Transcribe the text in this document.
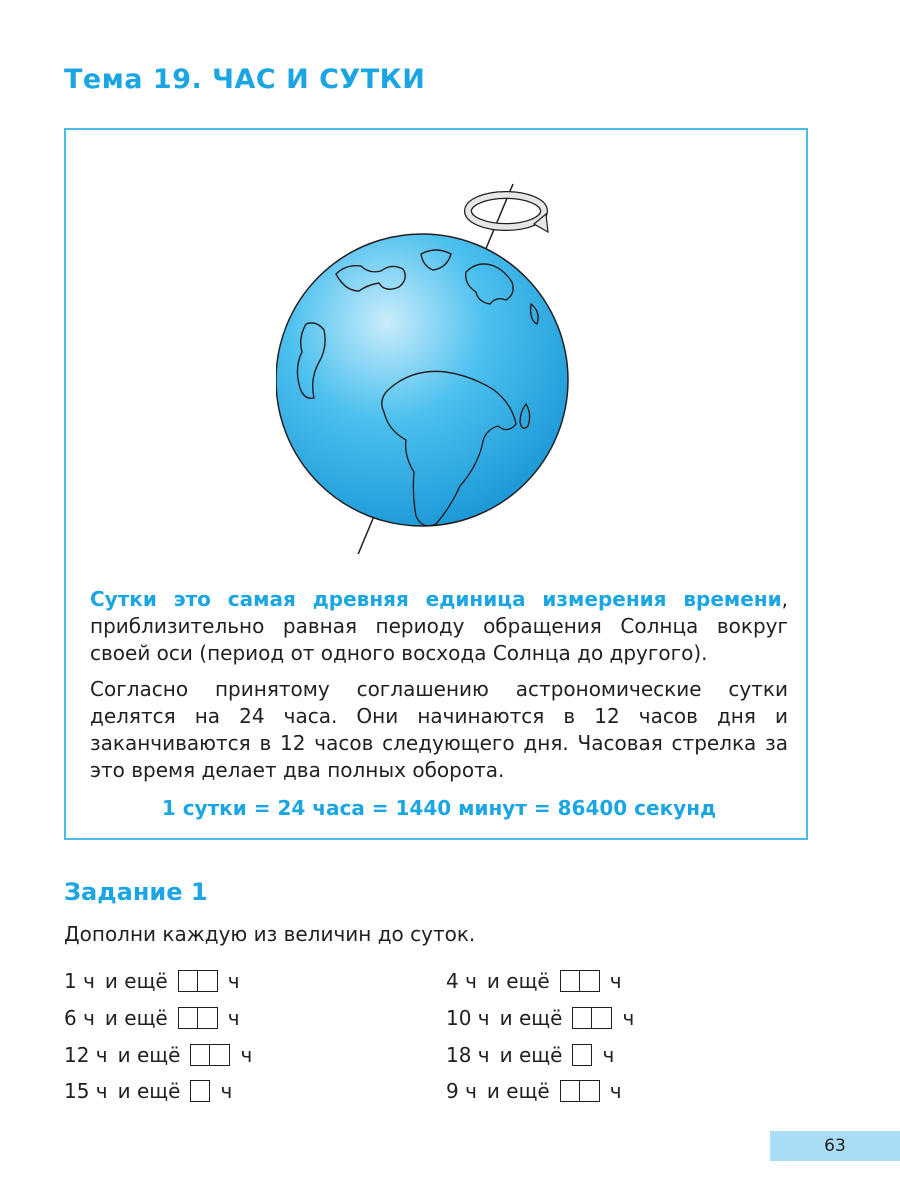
Тема 19. ЧАС И СУТКИ

Сутки это самая древняя единица измерения времени, приблизительно равная периоду обращения Солнца вокруг своей оси (период от одного восхода Солнца до другого).

Согласно принятому соглашению астрономические сутки делятся на 24 часа. Они начинаются в 12 часов дня и заканчиваются в 12 часов следующего дня. Часовая стрелка за это время делает два полных оборота.

1 сутки = 24 часа = 1440 минут = 86400 секунд

Задание 1

Дополни каждую из величин до суток.

1 ч и ещё	ч
6 ч и ещё	ч
12 ч и ещё	ч
15 ч и ещё ч
4 ч и ещё	ч
10 ч и ещё	ч
18 ч и ещё ч
9 ч и ещё	ч
63
